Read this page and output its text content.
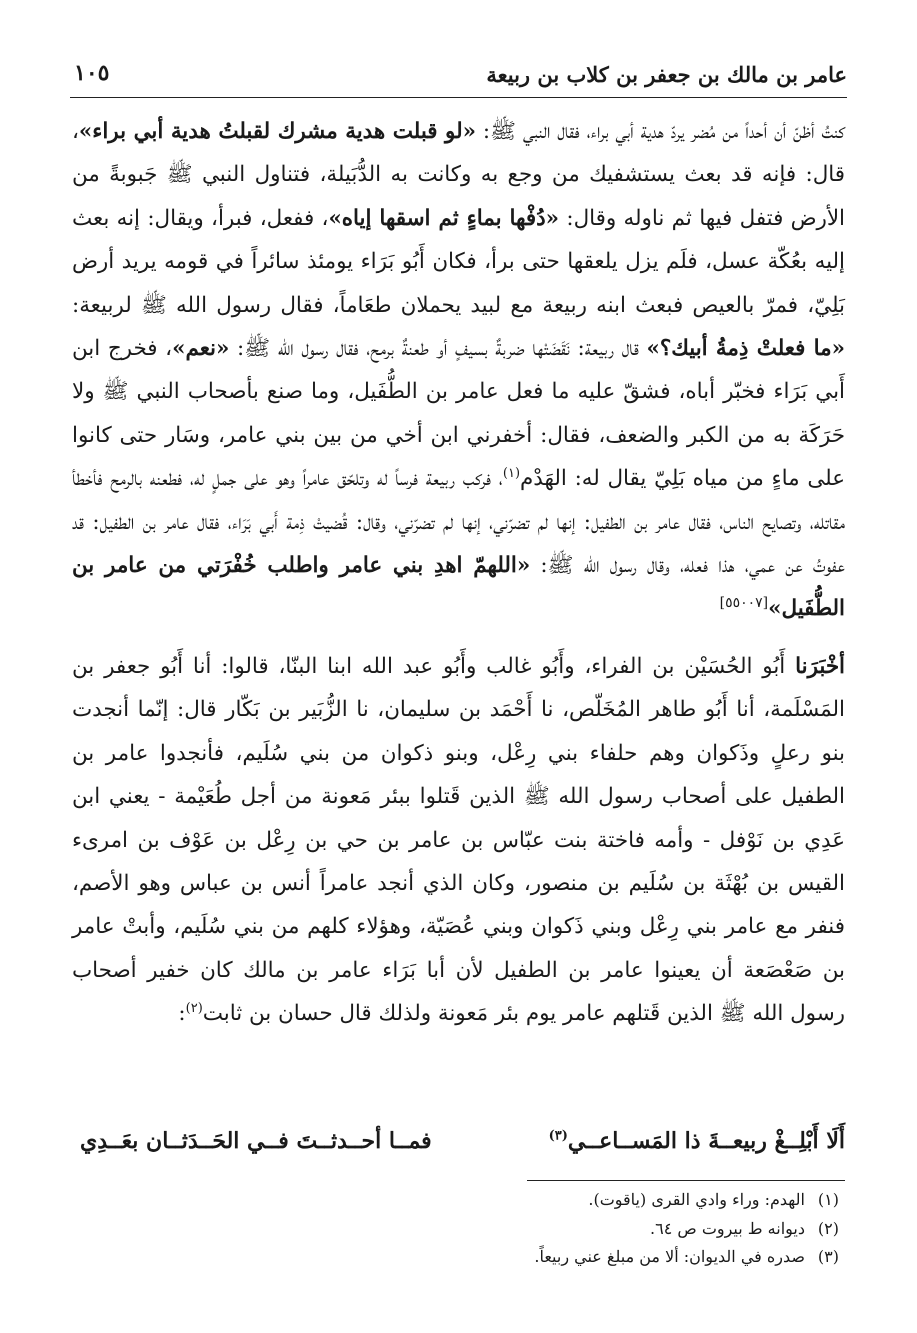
عامر بن مالك بن جعفر بن كلاب بن ربيعة
١٠٥

كنتُ أظنّ أن أحداً من مُضر يردّ هدية أبي براء، فقال النبي ﷺ: «لو قبلت هدية مشرك لقبلتُ هدية أبي براء»، قال: فإنه قد بعث يستشفيك من وجع به وكانت به الدُّبَيلة، فتناول النبي ﷺ جَبوبةً من الأرض فتفل فيها ثم ناوله وقال: «دُفْها بماءٍ ثم اسقها إياه»، ففعل، فبرأ، ويقال: إنه بعث إليه بعُكّة عسل، فلَم يزل يلعقها حتى برأ، فكان أَبُو بَرَاء يومئذ سائراً في قومه يريد أرض بَلِيّ، فمرّ بالعيص فبعث ابنه ربيعة مع لبيد يحملان طعَاماً، فقال رسول الله ﷺ لربيعة: «ما فعلتْ ذِمةُ أبيك؟» قال ربيعة: نَقَضَتْها ضربةٌ بسيفٍ أو طعنةٌ برمح، فقال رسول الله ﷺ: «نعم»، فخرج ابن أَبي بَرَاء فخبّر أباه، فشقّ عليه ما فعل عامر بن الطُّفَيل، وما صنع بأصحاب النبي ﷺ ولا حَرَكَة به من الكبر والضعف، فقال: أخفرني ابن أخي من بين بني عامر، وسَار حتى كانوا على ماءٍ من مياه بَلِيّ يقال له: الهَدْم$^{(١)}$، فركب ربيعة فرساً له وتلحّق عامراً وهو على جملٍ له، فطعنه بالرمح فأخطأ مقاتله، وتصايح الناس، فقال عامر بن الطفيل: إنها لم تضرّني، إنها لم تضرّني، وقال: قُضيتْ ذِمة أَبي بَرَاء، فقال عامر بن الطفيل: قد عفوتُ عن عمي، هذا فعله، وقال رسول الله ﷺ: «اللهمّ اهدِ بني عامر واطلب خُفْرَتي من عامر بن الطُّفَيل»[٥٥٠٠٧]

أخْبَرَنا أَبُو الحُسَيْن بن الفراء، وأَبُو غالب وأَبُو عبد الله ابنا البنّا، قالوا: أنا أَبُو جعفر بن المَسْلَمة، أنا أَبُو طاهر المُخَلّص، نا أَحْمَد بن سليمان، نا الزُّبَير بن بَكّار قال: إنّما أنجدت بنو رعلٍ وذَكوان وهم حلفاء بني رِعْل، وبنو ذكوان من بني سُلَيم، فأنجدوا عامر بن الطفيل على أصحاب رسول الله ﷺ الذين قَتلوا ببئر مَعونة من أجل طُعَيْمة - يعني ابن عَدِي بن نَوْفل - وأمه فاختة بنت عبّاس بن عامر بن حي بن رِعْل بن عَوْف بن امرىء القيس بن بُهْثَة بن سُلَيم بن منصور، وكان الذي أنجد عامراً أنس بن عباس وهو الأصم، فنفر مع عامر بني رِعْل وبني ذَكوان وبني عُصَيّة، وهؤلاء كلهم من بني سُلَيم، وأبتْ عامر بن صَعْصَعة أن يعينوا عامر بن الطفيل لأن أبا بَرَاء عامر بن مالك كان خفير أصحاب رسول الله ﷺ الذين قَتلهم عامر يوم بئر مَعونة ولذلك قال حسان بن ثابت$^{(٢)}$:

أَلَا أَبْلِــغْ ربيعــةَ ذا المَســاعــي$^{(٣)}$
فمــا أحــدثــتَ فــي الحَــدَثــان بعَــدِي

(١)الهدم: وراء وادي القرى (ياقوت).

(٢)ديوانه ط بيروت ص ٦٤.

(٣)صدره في الديوان: ألا من مبلغ عني ربيعاً.
